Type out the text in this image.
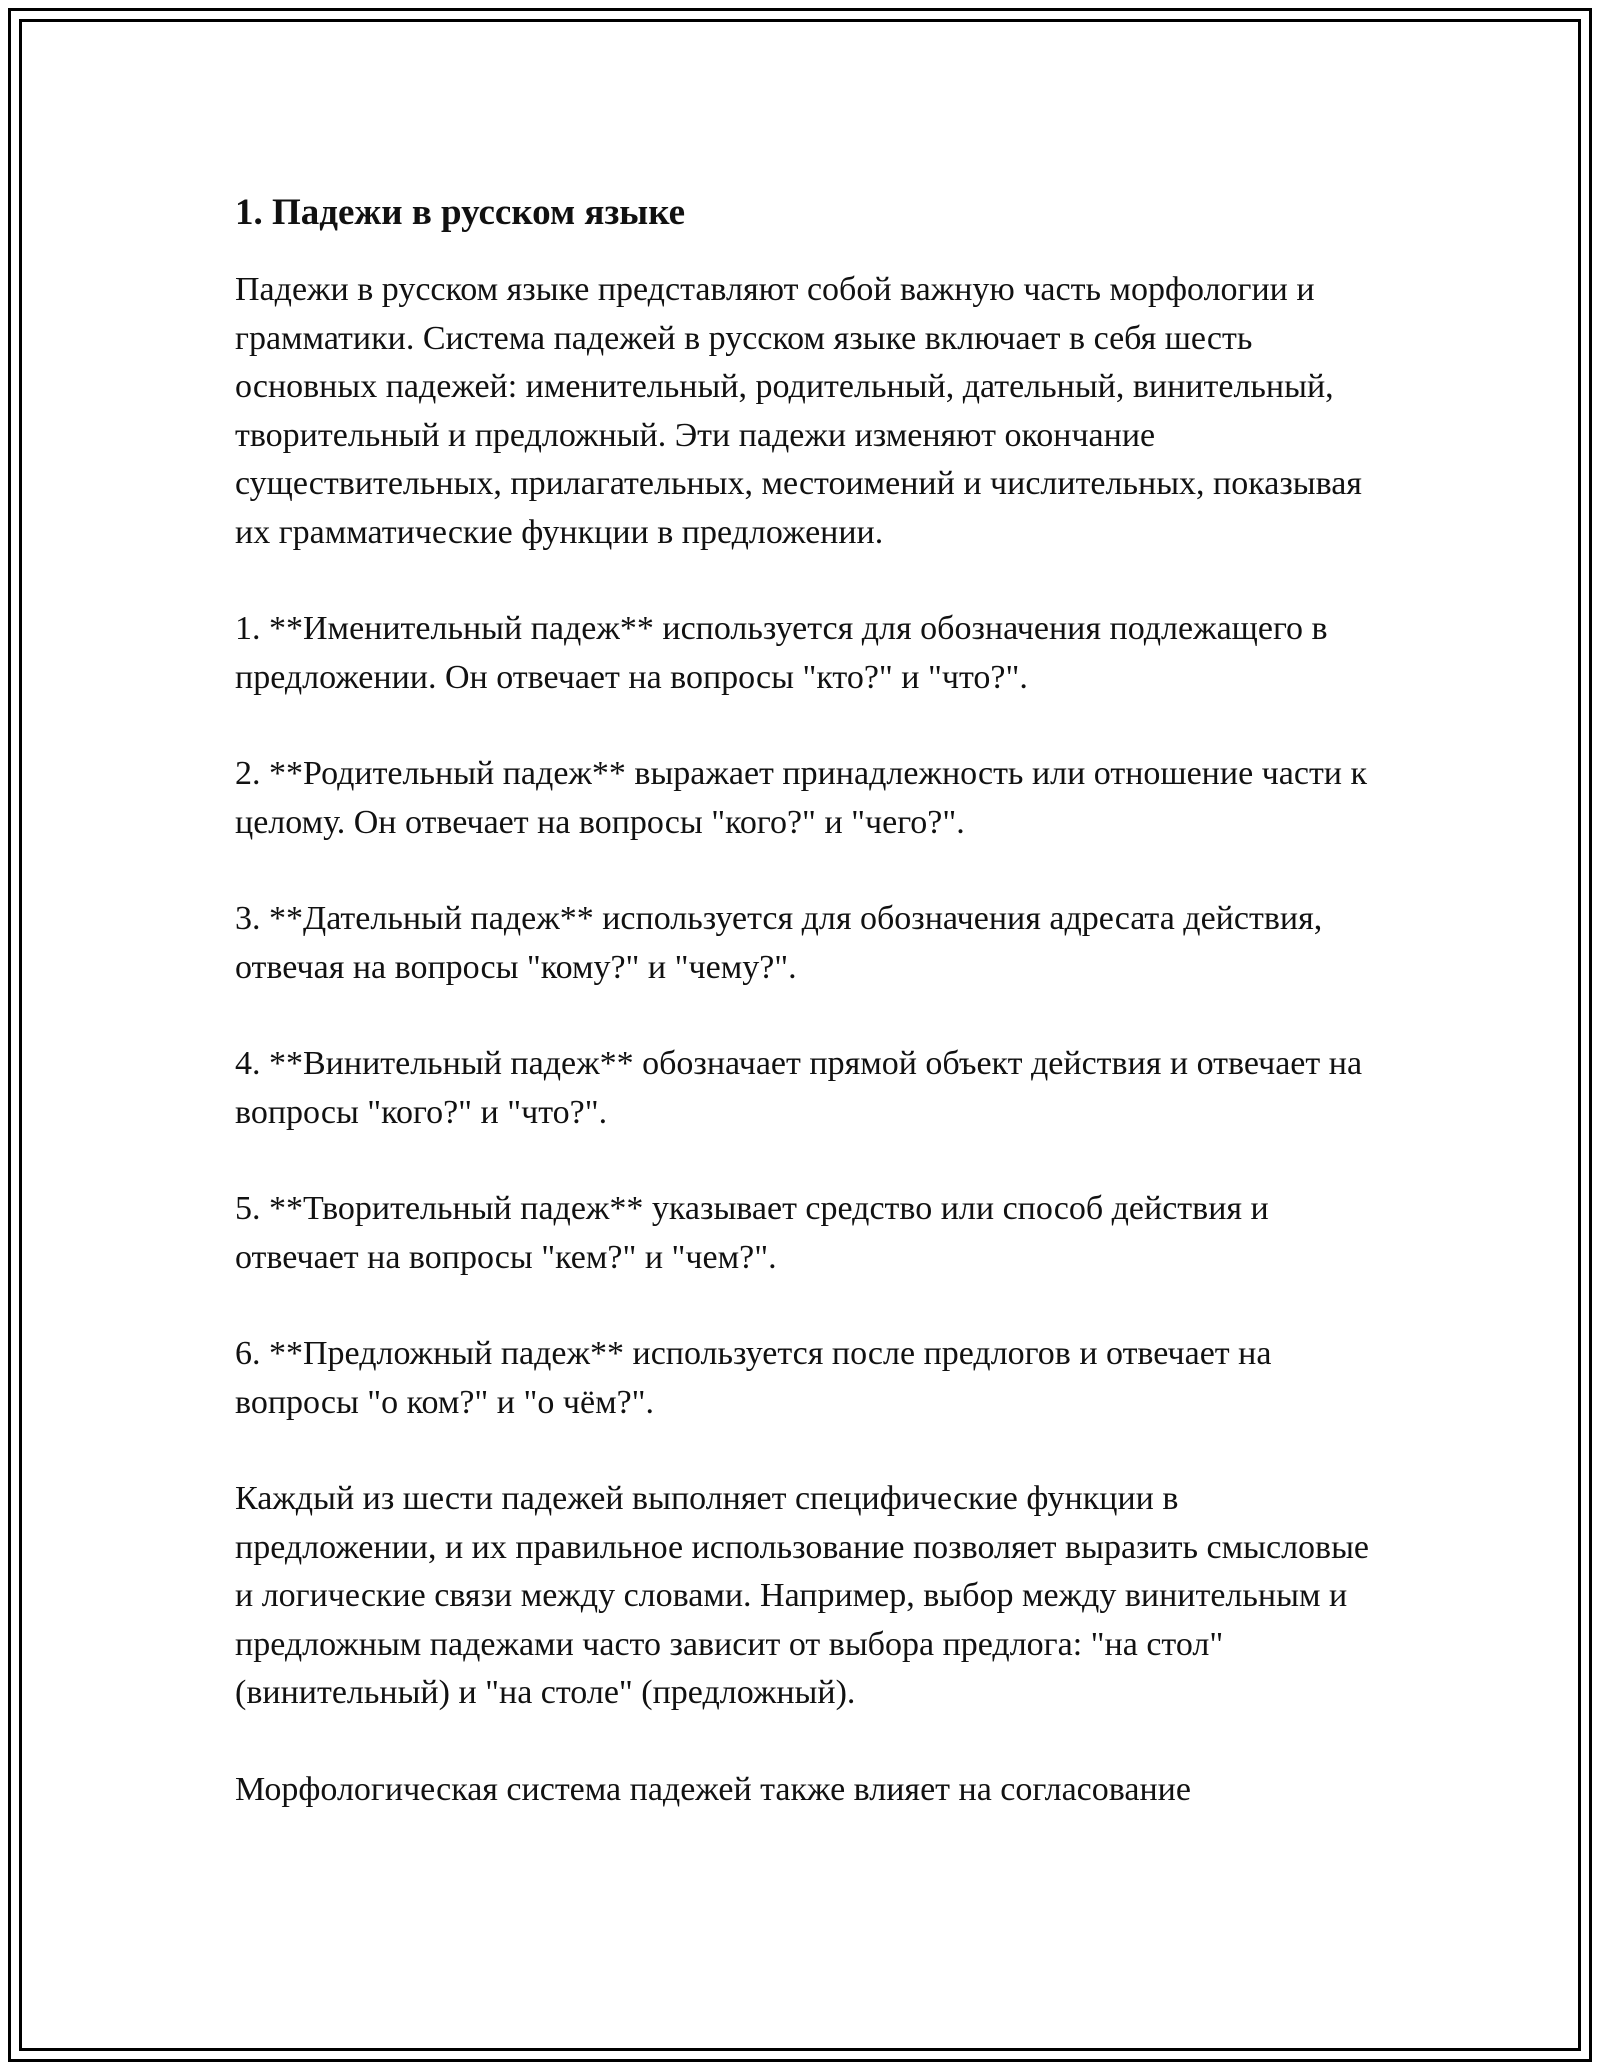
1. Падежи в русском языке

Падежи в русском языке представляют собой важную часть морфологии и грамматики. Система падежей в русском языке включает в себя шесть основных падежей: именительный, родительный, дательный, винительный, творительный и предложный. Эти падежи изменяют окончание существительных, прилагательных, местоимений и числительных, показывая их грамматические функции в предложении.

1. **Именительный падеж** используется для обозначения подлежащего в предложении. Он отвечает на вопросы "кто?" и "что?".

2. **Родительный падеж** выражает принадлежность или отношение части к целому. Он отвечает на вопросы "кого?" и "чего?".

3. **Дательный падеж** используется для обозначения адресата действия, отвечая на вопросы "кому?" и "чему?".

4. **Винительный падеж** обозначает прямой объект действия и отвечает на вопросы "кого?" и "что?".

5. **Творительный падеж** указывает средство или способ действия и отвечает на вопросы "кем?" и "чем?".

6. **Предложный падеж** используется после предлогов и отвечает на вопросы "о ком?" и "о чём?".

Каждый из шести падежей выполняет специфические функции в предложении, и их правильное использование позволяет выразить смысловые и логические связи между словами. Например, выбор между винительным и предложным падежами часто зависит от выбора предлога: "на стол" (винительный) и "на столе" (предложный).

Морфологическая система падежей также влияет на согласование
